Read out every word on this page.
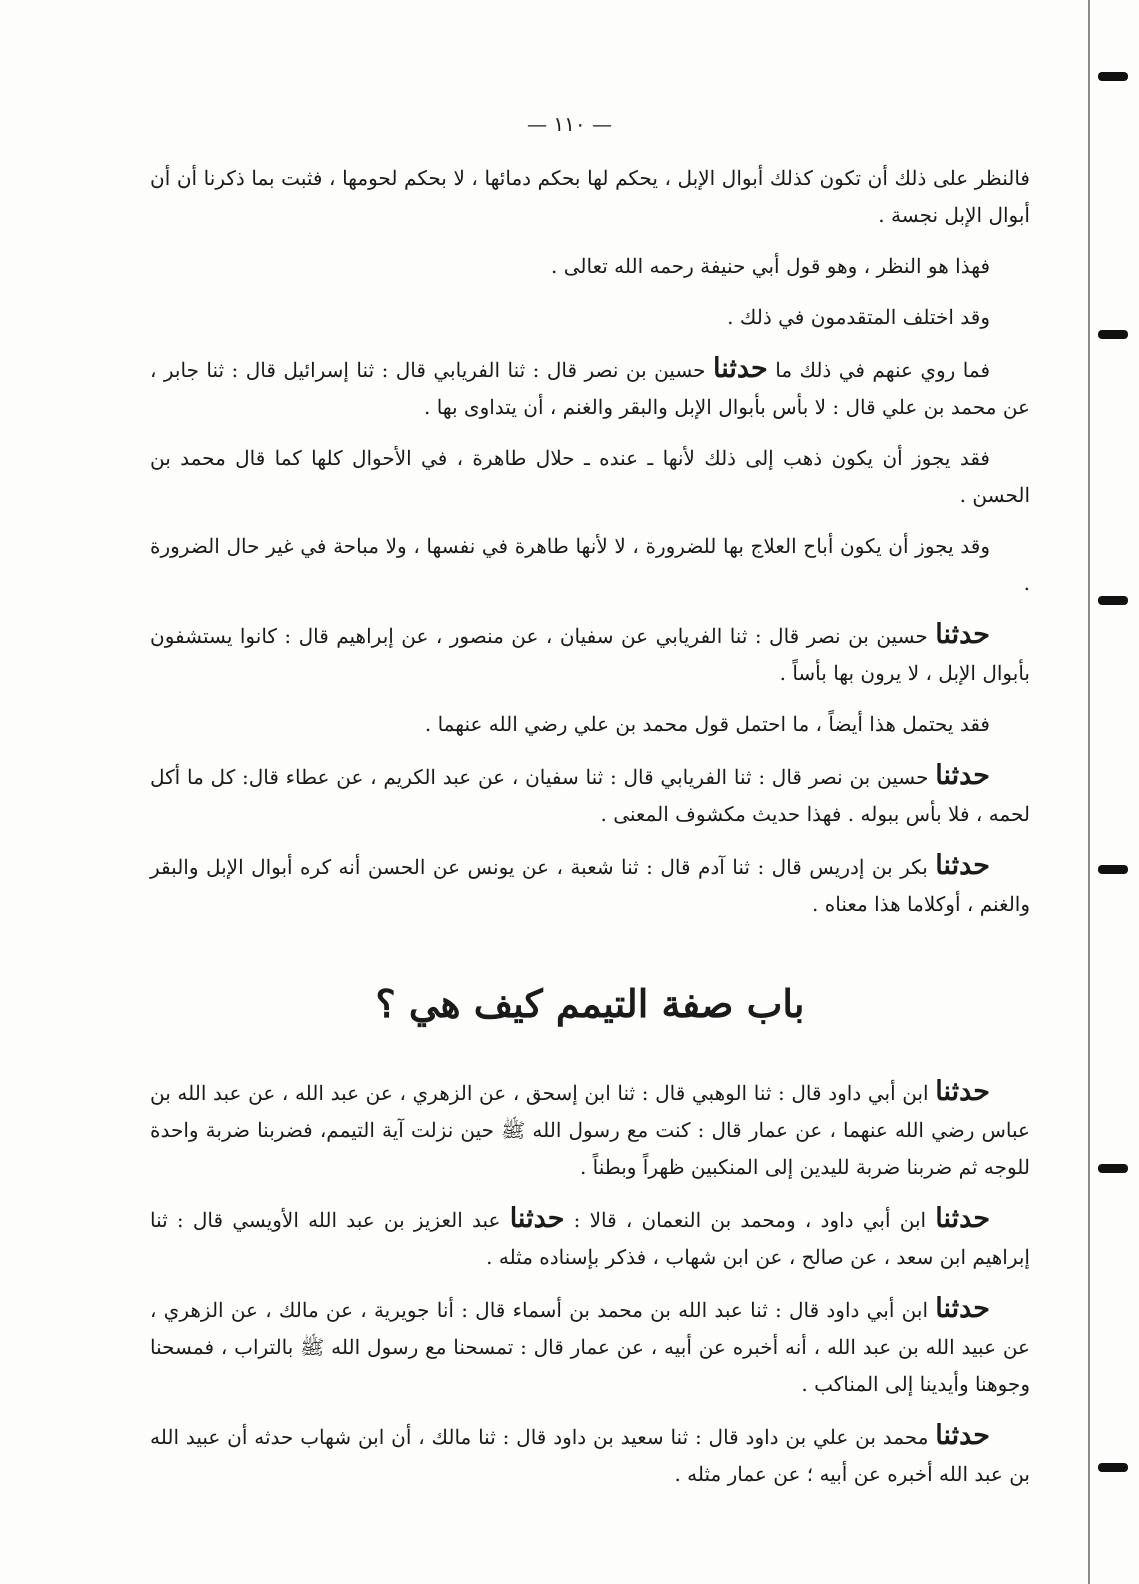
— ١١٠ —

فالنظر على ذلك أن تكون كذلك أبوال الإبل ، يحكم لها بحكم دمائها ، لا بحكم لحومها ، فثبت بما ذكرنا أن أن أبوال الإبل نجسة .

فهذا هو النظر ، وهو قول أبي حنيفة رحمه الله تعالى .

وقد اختلف المتقدمون في ذلك .

فما روي عنهم في ذلك ما حدثنا حسين بن نصر قال : ثنا الفريابي قال : ثنا إسرائيل قال : ثنا جابر ، عن محمد بن علي قال : لا بأس بأبوال الإبل والبقر والغنم ، أن يتداوى بها .

فقد يجوز أن يكون ذهب إلى ذلك لأنها ـ عنده ـ حلال طاهرة ، في الأحوال كلها كما قال محمد بن الحسن .

وقد يجوز أن يكون أباح العلاج بها للضرورة ، لا لأنها طاهرة في نفسها ، ولا مباحة في غير حال الضرورة .

حدثنا حسين بن نصر قال : ثنا الفريابي عن سفيان ، عن منصور ، عن إبراهيم قال : كانوا يستشفون بأبوال الإبل ، لا يرون بها بأساً .

فقد يحتمل هذا أيضاً ، ما احتمل قول محمد بن علي رضي الله عنهما .

حدثنا حسين بن نصر قال : ثنا الفريابي قال : ثنا سفيان ، عن عبد الكريم ، عن عطاء قال: كل ما أكل لحمه ، فلا بأس ببوله . فهذا حديث مكشوف المعنى .

حدثنا بكر بن إدريس قال : ثنا آدم قال : ثنا شعبة ، عن يونس عن الحسن أنه كره أبوال الإبل والبقر والغنم ، أوكلاما هذا معناه .

باب صفة التيمم كيف هي ؟

حدثنا ابن أبي داود قال : ثنا الوهبي قال : ثنا ابن إسحق ، عن الزهري ، عن عبد الله ، عن عبد الله بن عباس رضي الله عنهما ، عن عمار قال : كنت مع رسول الله ﷺ حين نزلت آية التيمم، فضربنا ضربة واحدة للوجه ثم ضربنا ضربة لليدين إلى المنكبين ظهراً وبطناً .

حدثنا ابن أبي داود ، ومحمد بن النعمان ، قالا : حدثنا عبد العزيز بن عبد الله الأويسي قال : ثنا إبراهيم ابن سعد ، عن صالح ، عن ابن شهاب ، فذكر بإسناده مثله .

حدثنا ابن أبي داود قال : ثنا عبد الله بن محمد بن أسماء قال : أنا جويرية ، عن مالك ، عن الزهري ، عن عبيد الله بن عبد الله ، أنه أخبره عن أبيه ، عن عمار قال : تمسحنا مع رسول الله ﷺ بالتراب ، فمسحنا وجوهنا وأيدينا إلى المناكب .

حدثنا محمد بن علي بن داود قال : ثنا سعيد بن داود قال : ثنا مالك ، أن ابن شهاب حدثه أن عبيد الله بن عبد الله أخبره عن أبيه ؛ عن عمار مثله .
